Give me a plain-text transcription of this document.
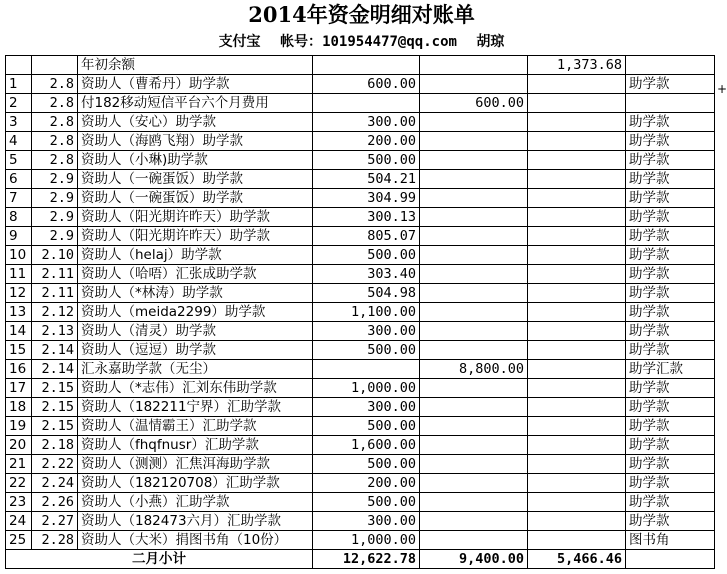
2014年资金明细对账单
支付宝 帐号：101954477@qq.com 胡琼
		年初余额			1,373.68	
1	2.8	资助人（曹希丹）助学款	600.00			助学款
2	2.8	付182移动短信平台六个月费用		600.00		
3	2.8	资助人（安心）助学款	300.00			助学款
4	2.8	资助人（海鸥飞翔）助学款	200.00			助学款
5	2.8	资助人（小琳)助学款	500.00			助学款
6	2.9	资助人（一碗蛋饭）助学款	504.21			助学款
7	2.9	资助人（一碗蛋饭）助学款	304.99			助学款
8	2.9	资助人（阳光期许昨天）助学款	300.13			助学款
9	2.9	资助人（阳光期许昨天）助学款	805.07			助学款
10	2.10	资助人（helaj）助学款	500.00			助学款
11	2.11	资助人（哈唔）汇张成助学款	303.40			助学款
12	2.11	资助人（*林涛）助学款	504.98			助学款
13	2.12	资助人（meida2299）助学款	1,100.00			助学款
14	2.13	资助人（清灵）助学款	300.00			助学款
15	2.14	资助人（逗逗）助学款	500.00			助学款
16	2.14	汇永嘉助学款（无尘）		8,800.00		助学汇款
17	2.15	资助人（*志伟）汇刘东伟助学款	1,000.00			助学款
18	2.15	资助人（182211宁界）汇助学款	300.00			助学款
19	2.15	资助人（温情霸王）汇助学款	500.00			助学款
20	2.18	资助人（fhqfnusr）汇助学款	1,600.00			助学款
21	2.22	资助人（测测）汇焦洱海助学款	500.00			助学款
22	2.24	资助人（182120708）汇助学款	200.00			助学款
23	2.26	资助人（小燕）汇助学款	500.00			助学款
24	2.27	资助人（182473六月）汇助学款	300.00			助学款
25	2.28	资助人（大米）捐图书角（10份）	1,000.00			图书角
二月小计			12,622.78	9,400.00	5,466.46	
+
